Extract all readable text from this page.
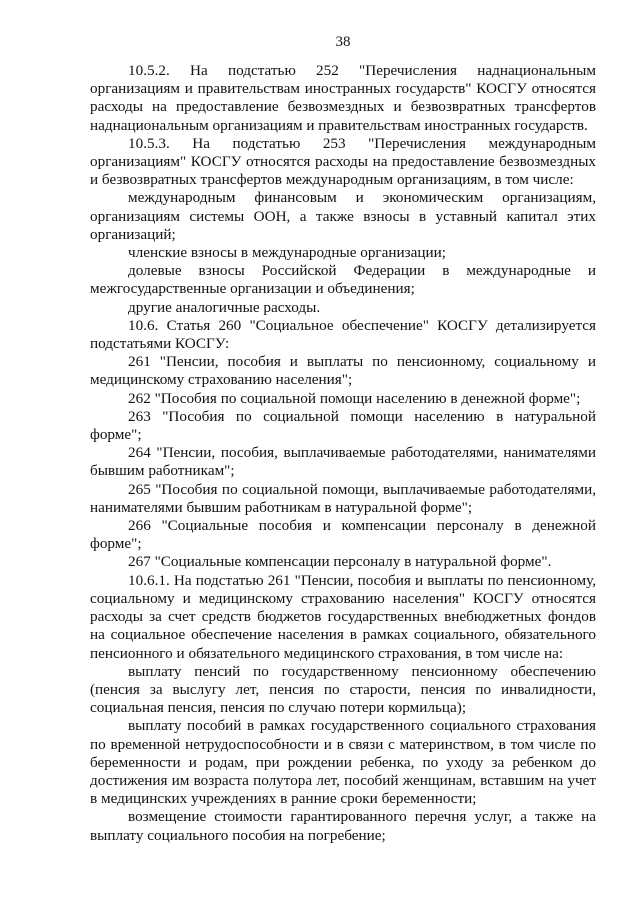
38

10.5.2. На подстатью 252 "Перечисления наднациональным организациям и правительствам иностранных государств" КОСГУ относятся расходы на предоставление безвозмездных и безвозвратных трансфертов наднациональным организациям и правительствам иностранных государств.

10.5.3. На подстатью 253 "Перечисления международным организациям" КОСГУ относятся расходы на предоставление безвозмездных и безвозвратных трансфертов международным организациям, в том числе:

международным финансовым и экономическим организациям, организациям системы ООН, а также взносы в уставный капитал этих организаций;

членские взносы в международные организации;

долевые взносы Российской Федерации в международные и межгосударственные организации и объединения;

другие аналогичные расходы.

10.6. Статья 260 "Социальное обеспечение" КОСГУ детализируется подстатьями КОСГУ:

261 "Пенсии, пособия и выплаты по пенсионному, социальному и медицинскому страхованию населения";

262 "Пособия по социальной помощи населению в денежной форме";

263 "Пособия по социальной помощи населению в натуральной форме";

264 "Пенсии, пособия, выплачиваемые работодателями, нанимателями бывшим работникам";

265 "Пособия по социальной помощи, выплачиваемые работодателями, нанимателями бывшим работникам в натуральной форме";

266 "Социальные пособия и компенсации персоналу в денежной форме";

267 "Социальные компенсации персоналу в натуральной форме".

10.6.1. На подстатью 261 "Пенсии, пособия и выплаты по пенсионному, социальному и медицинскому страхованию населения" КОСГУ относятся расходы за счет средств бюджетов государственных внебюджетных фондов на социальное обеспечение населения в рамках социального, обязательного пенсионного и обязательного медицинского страхования, в том числе на:

выплату пенсий по государственному пенсионному обеспечению (пенсия за выслугу лет, пенсия по старости, пенсия по инвалидности, социальная пенсия, пенсия по случаю потери кормильца);

выплату пособий в рамках государственного социального страхования по временной нетрудоспособности и в связи с материнством, в том числе по беременности и родам, при рождении ребенка, по уходу за ребенком до достижения им возраста полутора лет, пособий женщинам, вставшим на учет в медицинских учреждениях в ранние сроки беременности;

возмещение стоимости гарантированного перечня услуг, а также на выплату социального пособия на погребение;
